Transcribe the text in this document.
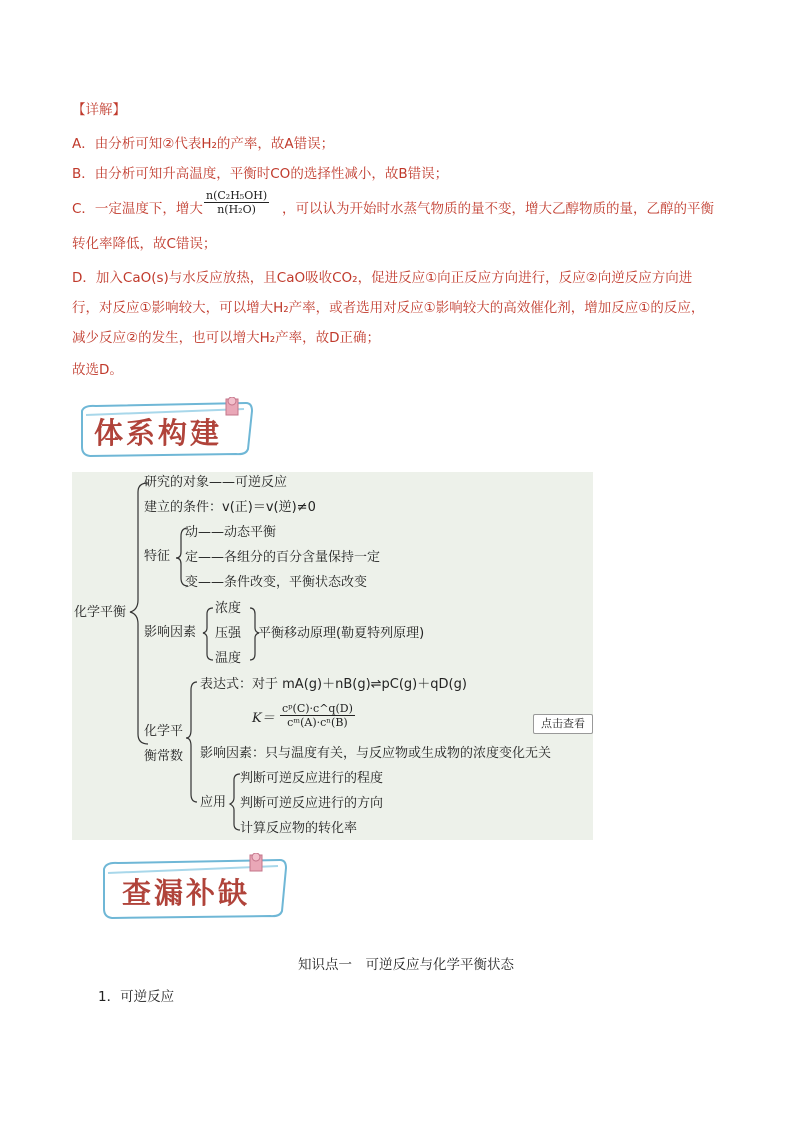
【详解】
A．由分析可知②代表H₂的产率，故A错误；
B．由分析可知升高温度，平衡时CO的选择性减小，故B错误；
C．一定温度下，增大 $\frac{\text{n(C₂H₅OH)}}{\text{n(H₂O)}}$ ，可以认为开始时水蒸气物质的量不变，增大乙醇物质的量，乙醇的平衡
转化率降低，故C错误；
D．加入CaO(s)与水反应放热，且CaO吸收CO₂，促进反应①向正反应方向进行，反应②向逆反应方向进
行，对反应①影响较大，可以增大H₂产率，或者选用对反应①影响较大的高效催化剂，增加反应①的反应，
减少反应②的发生，也可以增大H₂产率，故D正确；
故选D。
体系构建
化学平衡
研究的对象——可逆反应
建立的条件：v(正)＝v(逆)≠0
特征
动——动态平衡
定——各组分的百分含量保持一定
变——条件改变，平衡状态改变
影响因素
浓度
压强
温度
平衡移动原理(勒夏特列原理)
化学平
衡常数
表达式：对于 mA(g)＋nB(g)⇌pC(g)＋qD(g)
$K= \frac{\text{cᵖ(C)·c\textasciicircum{}q(D)}}{\text{cᵐ(A)·cⁿ(B)}}$
影响因素：只与温度有关，与反应物或生成物的浓度变化无关
应用
判断可逆反应进行的程度
判断可逆反应进行的方向
计算反应物的转化率
点击查看
查漏补缺
知识点一　可逆反应与化学平衡状态
1．可逆反应
